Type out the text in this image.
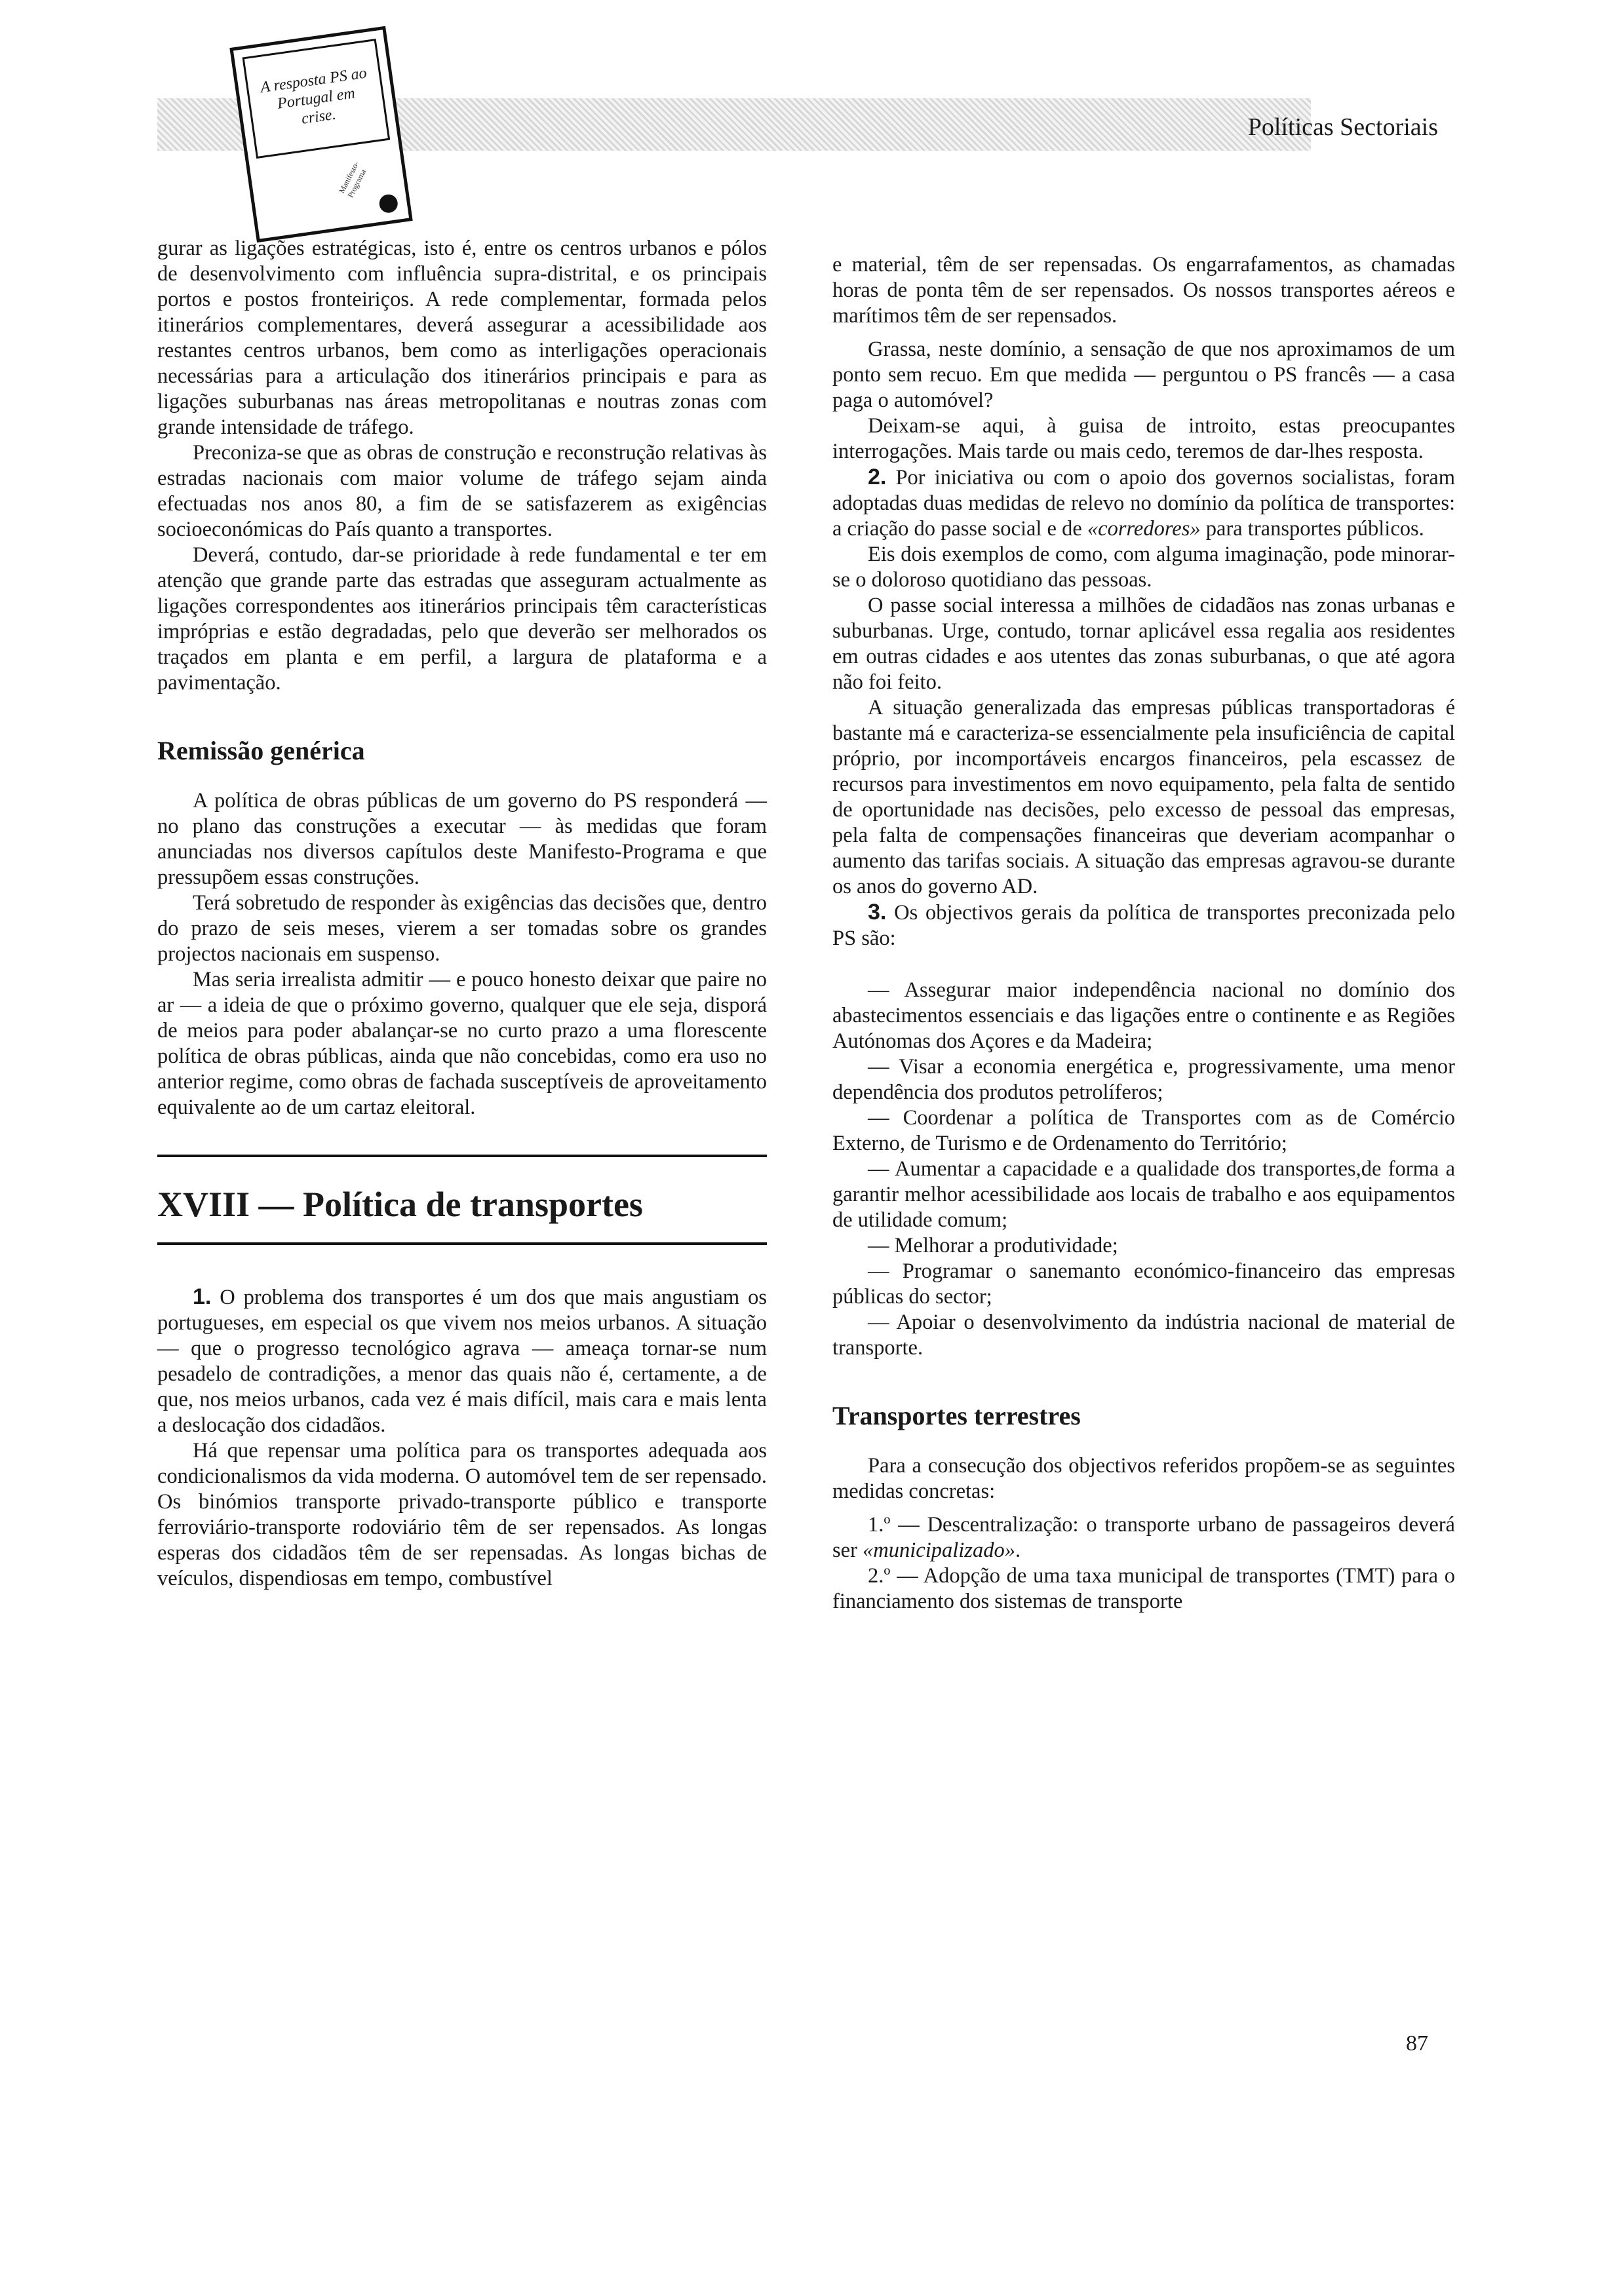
A resposta PS ao Portugal em crise.
Manifesto-Programa
Políticas Sectoriais

gurar as ligações estratégicas, isto é, entre os centros urbanos e pólos de desenvolvimento com influência supra-distrital, e os principais portos e postos fronteiriços. A rede complementar, formada pelos itinerários complementares, deverá assegurar a acessibilidade aos restantes centros urbanos, bem como as interligações operacionais necessárias para a articulação dos itinerários principais e para as ligações suburbanas nas áreas metropolitanas e noutras zonas com grande intensidade de tráfego.

Preconiza-se que as obras de construção e reconstrução relativas às estradas nacionais com maior volume de tráfego sejam ainda efectuadas nos anos 80, a fim de se satisfazerem as exigências socioeconómicas do País quanto a transportes.

Deverá, contudo, dar-se prioridade à rede fundamental e ter em atenção que grande parte das estradas que asseguram actualmente as ligações correspondentes aos itinerários principais têm características impróprias e estão degradadas, pelo que deverão ser melhorados os traçados em planta e em perfil, a largura de plataforma e a pavimentação.

Remissão genérica

A política de obras públicas de um governo do PS responderá — no plano das construções a executar — às medidas que foram anunciadas nos diversos capítulos deste Manifesto-Programa e que pressupõem essas construções.

Terá sobretudo de responder às exigências das decisões que, dentro do prazo de seis meses, vierem a ser tomadas sobre os grandes projectos nacionais em suspenso.

Mas seria irrealista admitir — e pouco honesto deixar que paire no ar — a ideia de que o próximo governo, qualquer que ele seja, disporá de meios para poder abalançar-se no curto prazo a uma florescente política de obras públicas, ainda que não concebidas, como era uso no anterior regime, como obras de fachada susceptíveis de aproveitamento equivalente ao de um cartaz eleitoral.

XVIII — Política de transportes

1. O problema dos transportes é um dos que mais angustiam os portugueses, em especial os que vivem nos meios urbanos. A situação — que o progresso tecnológico agrava — ameaça tornar-se num pesadelo de contradições, a menor das quais não é, certamente, a de que, nos meios urbanos, cada vez é mais difícil, mais cara e mais lenta a deslocação dos cidadãos.

Há que repensar uma política para os transportes adequada aos condicionalismos da vida moderna. O automóvel tem de ser repensado. Os binómios transporte privado-transporte público e transporte ferroviário-transporte rodoviário têm de ser repensados. As longas esperas dos cidadãos têm de ser repensadas. As longas bichas de veículos, dispendiosas em tempo, combustível

e material, têm de ser repensadas. Os engarrafamentos, as chamadas horas de ponta têm de ser repensados. Os nossos transportes aéreos e marítimos têm de ser repensados.

Grassa, neste domínio, a sensação de que nos aproximamos de um ponto sem recuo. Em que medida — perguntou o PS francês — a casa paga o automóvel?

Deixam-se aqui, à guisa de introito, estas preocupantes interrogações. Mais tarde ou mais cedo, teremos de dar-lhes resposta.

2. Por iniciativa ou com o apoio dos governos socialistas, foram adoptadas duas medidas de relevo no domínio da política de transportes: a criação do passe social e de «corredores» para transportes públicos.

Eis dois exemplos de como, com alguma imaginação, pode minorar-se o doloroso quotidiano das pessoas.

O passe social interessa a milhões de cidadãos nas zonas urbanas e suburbanas. Urge, contudo, tornar aplicável essa regalia aos residentes em outras cidades e aos utentes das zonas suburbanas, o que até agora não foi feito.

A situação generalizada das empresas públicas transportadoras é bastante má e caracteriza-se essencialmente pela insuficiência de capital próprio, por incomportáveis encargos financeiros, pela escassez de recursos para investimentos em novo equipamento, pela falta de sentido de oportunidade nas decisões, pelo excesso de pessoal das empresas, pela falta de compensações financeiras que deveriam acompanhar o aumento das tarifas sociais. A situação das empresas agravou-se durante os anos do governo AD.

3. Os objectivos gerais da política de transportes preconizada pelo PS são:

— Assegurar maior independência nacional no domínio dos abastecimentos essenciais e das ligações entre o continente e as Regiões Autónomas dos Açores e da Madeira;

— Visar a economia energética e, progressivamente, uma menor dependência dos produtos petrolíferos;

— Coordenar a política de Transportes com as de Comércio Externo, de Turismo e de Ordenamento do Território;

— Aumentar a capacidade e a qualidade dos transportes,de forma a garantir melhor acessibilidade aos locais de trabalho e aos equipamentos de utilidade comum;

— Melhorar a produtividade;

— Programar o sanemanto económico-financeiro das empresas públicas do sector;

— Apoiar o desenvolvimento da indústria nacional de material de transporte.

Transportes terrestres

Para a consecução dos objectivos referidos propõem-se as seguintes medidas concretas:

1.º — Descentralização: o transporte urbano de passageiros deverá ser «municipalizado».

2.º — Adopção de uma taxa municipal de transportes (TMT) para o financiamento dos sistemas de transporte

87
